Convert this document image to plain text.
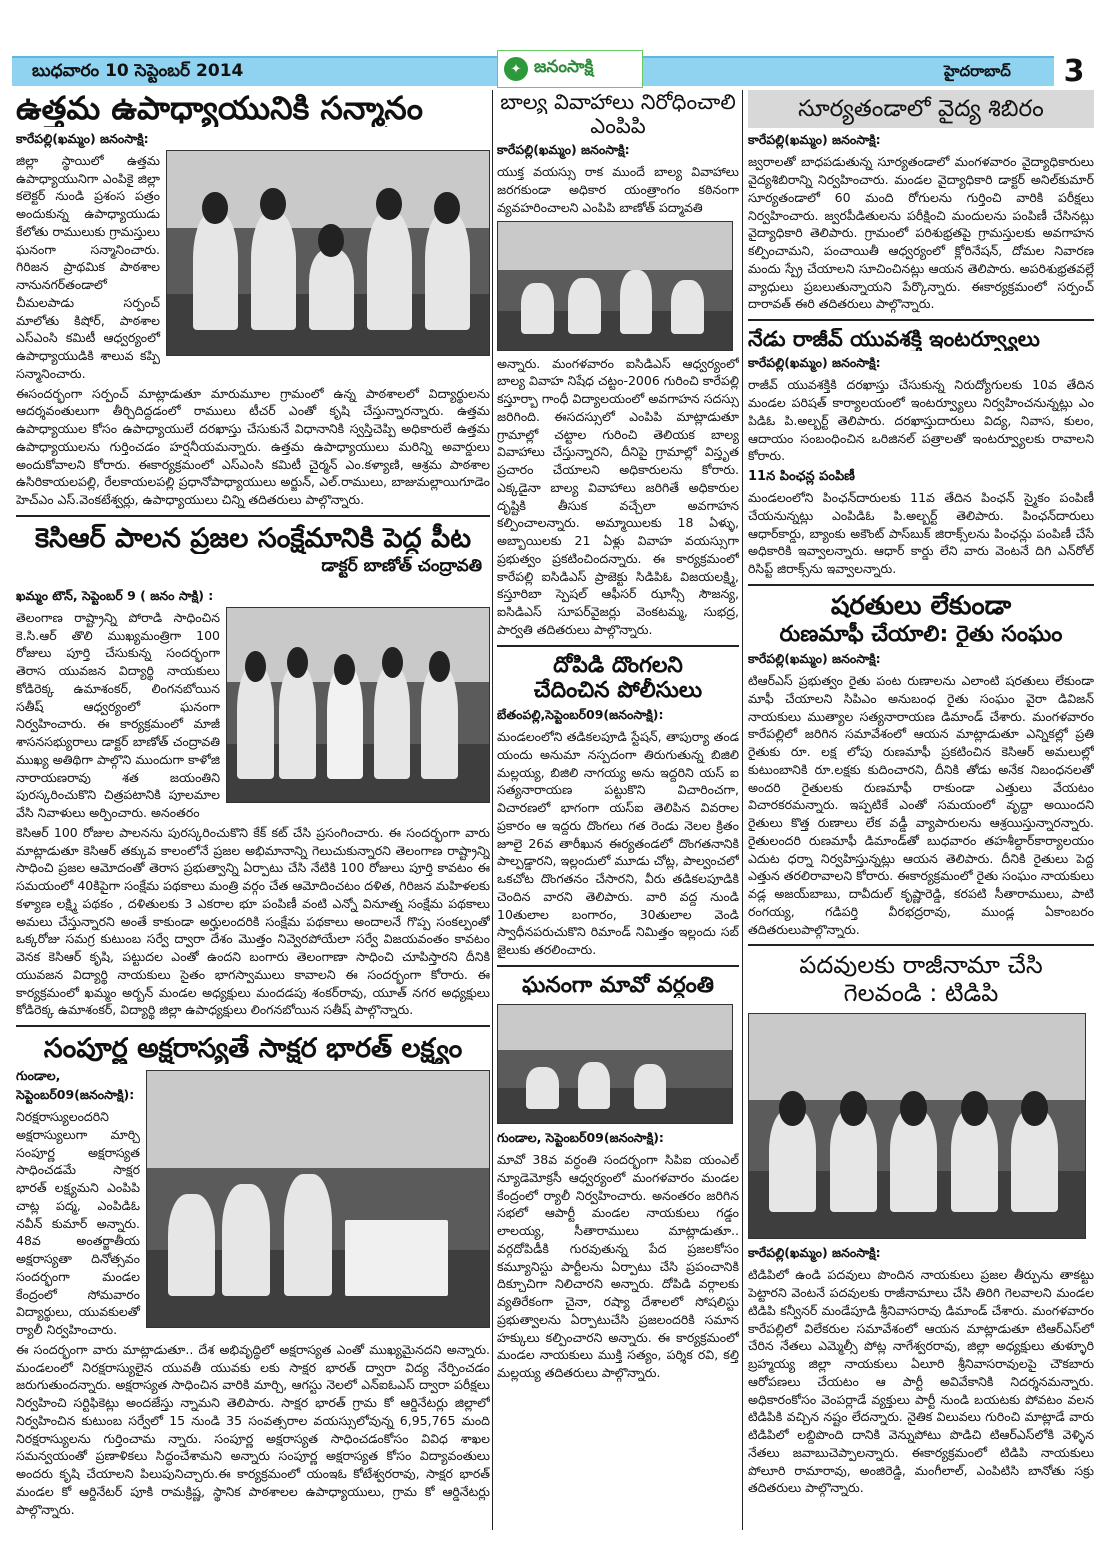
బుధవారం 10 సెప్టెంబర్ 2014	✦ జనంసాక్షి	హైదరాబాద్	3
ఉత్తమ ఉపాధ్యాయునికి సన్మానం
కారేపల్లి(ఖమ్మం) జనంసాక్షి:

జిల్లా స్థాయిలో ఉత్తమ ఉపాధ్యాయునిగా ఎంపికై జిల్లా కలెక్టర్ నుండి ప్రశంస పత్రం అందుకున్న ఉపాధ్యాయుడు కేలోతు రాములుకు గ్రామస్తులు ఘనంగా సన్మానించారు. గిరిజన ప్రాథమిక పాఠశాల నానునగర్‌తండాలో చీమలపాడు సర్పంచ్ మాలోతు కిషోర్, పాఠశాల ఎస్ఎంసి కమిటీ ఆధ్వర్యంలో ఉపాధ్యాయుడికి శాలువ కప్పి సన్మానించారు.

ఈసందర్భంగా సర్పంచ్ మాట్లాడుతూ మారుమూల గ్రామంలో ఉన్న పాఠశాలలో విద్యార్థులను ఆదర్శవంతులుగా తీర్చిదిద్దడంలో రాములు టీచర్ ఎంతో కృషి చేస్తున్నారన్నారు. ఉత్తమ ఉపాధ్యాయుల కోసం ఉపాధ్యాయులే దరఖాస్తు చేసుకునే విధానానికి స్వస్తిచెప్పి అధికారులే ఉత్తమ ఉపాధ్యాయులను గుర్తించడం హర్షనీయమన్నారు. ఉత్తమ ఉపాధ్యాయులు మరిన్ని అవార్డులు అందుకోవాలని కోరారు. ఈకార్యక్రమంలో ఎస్ఎంసి కమిటీ చైర్మన్ ఎం.కళ్యాణి, ఆశ్రమ పాఠశాల ఉసిరికాయలపల్లి, రేలకాయలపల్లి ప్రధానోపాధ్యాయులు అర్జున్, ఎల్.రాములు, బాజుమల్లాయిగూడెం హెచ్ఎం ఎస్.వెంకటేశ్వర్లు, ఉపాధ్యాయులు చిన్ని తదితరులు పాల్గొన్నారు.

కెసిఆర్ పాలన ప్రజల సంక్షేమానికి పెద్ద పీట
డాక్టర్ బాణోత్ చంద్రావతి
ఖమ్మం టౌన్, సెప్టెంబర్ 9 ( జనం సాక్షి) :

తెలంగాణ రాష్ట్రాన్ని పోరాడి సాధించిన కె.సి.ఆర్ తొలి ముఖ్యమంత్రిగా 100 రోజులు పూర్తి చేసుకున్న సందర్భంగా తెరాస యువజన విద్యార్థి నాయకులు కోడిరెక్క ఉమాశంకర్, లింగనబోయిన సతీష్ ఆధ్వర్యంలో ఘనంగా నిర్వహించారు. ఈ కార్యక్రమంలో మాజీ శాసనసభ్యురాలు డాక్టర్ బాణోత్ చంద్రావతి ముఖ్య అతిథిగా పాల్గొని ముందుగా కాళోజి నారాయణరావు శత జయంతిని పురస్కరించుకొని చిత్రపటానికి పూలమాల వేసి నివాళులు అర్పించారు. అనంతరం

కెసిఆర్ 100 రోజుల పాలనను పురస్కరించుకొని కేక్ కట్ చేసి ప్రసంగించారు. ఈ సందర్భంగా వారు మాట్లాడుతూ కెసిఆర్ తక్కువ కాలంలోనే ప్రజల అభిమానాన్ని గెలుచుకున్నారని తెలంగాణ రాష్ట్రాన్ని సాధించి ప్రజల ఆమోదంతో తెరాస ప్రభుత్వాన్ని ఏర్పాటు చేసి నేటికి 100 రోజులు పూర్తి కావటం ఈ సమయంలో 40కిపైగా సంక్షేమ పథకాలు మంత్రి వర్గం చేత ఆమోదించటం దళిత, గిరిజన మహిళలకు కళ్యాణ లక్ష్మి పథకం , దళితులకు 3 ఎకరాల భూ పంపిణీ వంటి ఎన్నో వినూత్న సంక్షేమ పథకాలు అమలు చేస్తున్నారని అంతే కాకుండా అర్హులందరికి సంక్షేమ పథకాలు అందాలనే గొప్ప సంకల్పంతో ఒక్కరోజు సమగ్ర కుటుంబ సర్వే ద్వారా దేశం మొత్తం నివ్వెరపోయేలా సర్వే విజయవంతం కావటం వెనక కెసిఆర్ కృషి, పట్టుదల ఎంతో ఉందని బంగారు తెలంగాణా సాధించి చూపిస్తారని దీనికి యువజన విద్యార్థి నాయకులు సైతం భాగస్వాములు కావాలని ఈ సందర్భంగా కోరారు. ఈ కార్యక్రమంలో ఖమ్మం అర్బన్ మండల అధ్యక్షులు మందడపు శంకర్‌రావు, యూత్ నగర అధ్యక్షులు కోడిరెక్క ఉమాశంకర్, విద్యార్థి జిల్లా ఉపాధ్యక్షులు లింగనబోయిన సతీష్ పాల్గొన్నారు.

సంపూర్ణ అక్షరాస్యతే సాక్షర భారత్ లక్ష్యం
గుండాల, సెప్టెంబర్09(జనంసాక్షి):

నిరక్షరాస్యులందరిని అక్షరాస్యులుగా మార్చి సంపూర్ణ అక్షరాస్యత సాధించడమే సాక్షర భారత్ లక్ష్యమని ఎంపిపి చాట్ల పద్మ, ఎంపిడిఓ నవీన్ కుమార్ అన్నారు. 48వ అంతర్జాతీయ అక్షరాస్యతా దినోత్సవం సందర్భంగా మండల కేంద్రంలో సోమవారం విద్యార్థులు, యువకులతో ర్యాలీ నిర్వహించారు.

ఈ సందర్భంగా వారు మాట్లాడుతూ.. దేశ అభివృద్ధిలో అక్షరాస్యత ఎంతో ముఖ్యమైనదని అన్నారు. మండలంలో నిరక్షరాస్యులైన యువతీ యువకు లకు సాక్షర భారత్ ద్వారా విద్య నేర్పించడం జరుగుతుందన్నారు. అక్షరాస్యత సాధించిన వారికి మార్చి, ఆగస్టు నెలలో ఎన్ఐఓఎస్ ద్వారా పరీక్షలు నిర్వహించి సర్టిఫికెట్లు అందజేస్తు న్నామని తెలిపారు. సాక్షర భారత్ గ్రామ కో ఆర్డినేటర్లు జిల్లాలో నిర్వహించిన కుటుంబ సర్వేలో 15 నుండి 35 సంవత్సరాల వయస్సులోవున్న 6,95,765 మంది నిరక్షరాస్యులను గుర్తించామ న్నారు. సంపూర్ణ అక్షరాస్యత సాధించడంకోసం వివిధ శాఖల సమన్వయంతో ప్రణాళికలు సిద్ధంచేశామని అన్నారు సంపూర్ణ అక్షరాస్యత కోసం విద్యావంతులు అందరు కృషి చేయాలని పిలుపునిచ్చారు.ఈ కార్యక్రమంలో యంఇఓ కోటేశ్వరరావు, సాక్షర భారత్ మండల కో ఆర్డినేటర్ పూకి రామక్రిష్ణ, స్థానిక పాఠశాలల ఉపాధ్యాయులు, గ్రామ కో ఆర్డినేటర్లు పాల్గొన్నారు.

బాల్య వివాహాలు నిరోధించాలి
ఎంపిపి
కారేపల్లి(ఖమ్మం) జనంసాక్షి:

యుక్త వయస్సు రాక ముందే బాల్య వివాహాలు జరగకుండా అధికార యంత్రాంగం కఠినంగా వ్యవహరించాలని ఎంపిపి బాణోత్ పద్మావతి

అన్నారు. మంగళవారం ఐసిడిఎస్ ఆధ్వర్యంలో బాల్య వివాహ నిషేధ చట్టం-2006 గురించి కారేపల్లి కస్తూర్బా గాంధీ విద్యాలయంలో అవగాహన సదస్సు జరిగింది. ఈసదస్సులో ఎంపిపి మాట్లాడుతూ గ్రామాల్లో చట్టాల గురించి తెలియక బాల్య వివాహాలు చేస్తున్నారని, దీనిపై గ్రామాల్లో విస్తృత ప్రచారం చేయాలని అధికారులను కోరారు. ఎక్కడైనా బాల్య వివాహాలు జరిగితే అధికారుల దృష్టికి తీసుక వచ్చేలా అవగాహన కల్పించాలన్నారు. అమ్మాయిలకు 18 ఏళ్ళు, అబ్బాయిలకు 21 ఏళ్లు వివాహ వయస్సుగా ప్రభుత్వం ప్రకటించిందన్నారు. ఈ కార్యక్రమంలో కారేపల్లి ఐసిడిఎస్ ప్రాజెక్టు సిడిపిఓ విజయలక్ష్మి, కస్తూరిబా స్పెషల్ ఆఫీసర్ ఝాన్సీ సౌజన్య, ఐసిడిఎస్ సూపర్‌వైజర్లు వెంకటమ్మ, సుభద్ర, పార్వతి తదితరులు పాల్గొన్నారు.

దోపిడి దొంగలని
చేదించిన పోలీసులు
బేతంపల్లి,సెప్టెంబర్09(జనంసాక్షి):

మండలంలోని తడికలపూడి స్టేషన్, తాపుర్యా తండ యందు అనుమా నస్పదంగా తిరుగుతున్న బిజిలి మల్లయ్య, బిజిలి నాగయ్య అను ఇద్దరిని యస్ ఐ సత్యనారాయణ పట్టుకొని విచారించగా, విచారణలో భాగంగా యస్ఐ తెలిపిన వివరాల ప్రకారం ఆ ఇద్దరు దొంగలు గత రెండు నెలల క్రితం జూలై 26వ తారీఖున ఈర్యతండలో దొంగతనానికి పాల్పడ్డారని, ఇల్లందులో మూడు చోట్ల, పాల్వంచలో ఒకచోట దొంగతనం చేసారని, వీరు తడికలపూడికి చెందిన వారని తెలిపారు. వారి వద్ద నుండి 10తులాల బంగారం, 30తులాల వెండి స్వాధీనపరుచుకొని రిమాండ్ నిమిత్తం ఇల్లందు సబ్ జైలుకు తరలించారు.

ఘనంగా మావో వర్ధంతి
గుండాల, సెప్టెంబర్09(జనంసాక్షి):

మావో 38వ వర్ధంతి సందర్భంగా సిపిఐ యంఎల్ న్యూడెమోక్రసీ ఆధ్వర్యంలో మంగళవారం మండల కేంద్రంలో ర్యాలీ నిర్వహించారు. అనంతరం జరిగిన సభలో ఆపార్టీ మండల నాయకులు గడ్డం లాలయ్య, సీతారాములు మాట్లాడుతూ.. వర్గదోపిడీకి గురవుతున్న పేద ప్రజలకోసం కమ్యూనిస్టు పార్టీలను ఏర్పాటు చేసి ప్రపంచానికి దిక్చూచిగా నిలిచారని అన్నారు. దోపిడి వర్గాలకు వ్యతిరేకంగా చైనా, రష్యా దేశాలలో సోషలిస్టు ప్రభుత్వాలను ఏర్పాటుచేసి ప్రజలందరికి సమాన హక్కులు కల్పించారని అన్నారు. ఈ కార్యక్రమంలో మండల నాయకులు ముక్తి సత్యం, పర్శిక రవి, కల్తి మల్లయ్య తదితరులు పాల్గొన్నారు.

సూర్యతండాలో వైద్య శిబిరం
కారేపల్లి(ఖమ్మం) జనంసాక్షి:

జ్వరాలతో బాధపడుతున్న సూర్యతండాలో మంగళవారం వైద్యాధికారులు వైద్యశిబిరాన్ని నిర్వహించారు. మండల వైద్యాధికారి డాక్టర్ అనిల్‌కుమార్ సూర్యతండాలో 60 మంది రోగులను గుర్తించి వారికి పరీక్షలు నిర్వహించారు. జ్వరపీడితులను పరీక్షించి మందులను పంపిణీ చేసినట్లు వైద్యాధికారి తెలిపారు. గ్రామంలో పరిశుభ్రతపై గ్రామస్తులకు అవగాహన కల్పించామని, పంచాయితీ ఆధ్వర్యంలో క్లోరినేషన్, దోమల నివారణ మందు స్ప్రే చేయాలని సూచించినట్లు ఆయన తెలిపారు. అపరిశుభ్రతవల్లే వ్యాధులు ప్రబలుతున్నాయని పేర్కొన్నారు. ఈకార్యక్రమంలో సర్పంచ్ దారావత్ ఈరి తదితరులు పాల్గొన్నారు.

నేడు రాజీవ్ యువశక్తి ఇంటర్వ్యూలు
కారేపల్లి(ఖమ్మం) జనంసాక్షి:

రాజీవ్ యువశక్తికి దరఖాస్తు చేసుకున్న నిరుద్యోగులకు 10వ తేదిన మండల పరిషత్ కార్యాలయంలో ఇంటర్వ్యూలు నిర్వహించనున్నట్లు ఎం పిడిఓ పి.అల్బర్ట్ తెలిపారు. దరఖాస్తుదారులు విద్య, నివాస, కులం, ఆదాయం సంబంధించిన ఒరిజినల్ పత్రాలతో ఇంటర్వ్యూలకు రావాలని కోరారు.

11న పింఛన్ల పంపిణీ

మండలంలోని పింఛన్‌దారులకు 11వ తేదిన పింఛన్ స్మైకం పంపిణీ చేయనున్నట్లు ఎంపిడిఓ పి.అల్బర్ట్ తెలిపారు. పింఛన్‌దారులు ఆధార్‌కార్డు, బ్యాంకు అకౌంట్ పాస్‌బుక్ జిరాక్స్‌లను పింఛన్లు పంపిణీ చేసే అధికారికి ఇవ్వాలన్నారు. ఆధార్ కార్డు లేని వారు వెంటనే దిగి ఎన్‌రోల్ రిసిప్ట్ జిరాక్స్‌ను ఇవ్వాలన్నారు.

షరతులు లేకుండా
రుణమాఫీ చేయాలి: రైతు సంఘం
కారేపల్లి(ఖమ్మం) జనంసాక్షి:

టిఆర్ఎస్ ప్రభుత్వం రైతు పంట రుణాలను ఎలాంటి షరతులు లేకుండా మాఫీ చేయాలని సిపిఎం అనుబంధ రైతు సంఘం వైరా డివిజన్ నాయకులు ముత్యాల సత్యనారాయణ డిమాండ్ చేశారు. మంగళవారం కారేపల్లిలో జరిగిన సమావేశంలో ఆయన మాట్లాడుతూ ఎన్నికల్లో ప్రతి రైతుకు రూ. లక్ష లోపు రుణమాఫీ ప్రకటించిన కెసిఆర్ అమలుల్లో కుటుంబానికి రూ.లక్షకు కుదించారని, దీనికి తోడు అనేక నిబంధనలతో అందరి రైతులకు రుణమాఫీ రాకుండా ఎత్తులు వేయటం విచారకరమన్నారు. ఇప్పటికే ఎంతో సమయంలో వృద్దా అయిందని రైతులు కొత్త రుణాలు లేక వడ్డీ వ్యాపారులను ఆశ్రయిస్తున్నారన్నారు. రైతులందరి రుణమాఫీ డిమాండ్‌తో బుధవారం తహశీల్దార్‌కార్యాలయం ఎదుట ధర్నా నిర్వహిస్తున్నట్లు ఆయన తెలిపారు. దీనికి రైతులు పెద్ద ఎత్తున తరలిరావాలని కోరారు. ఈకార్యక్రమంలో రైతు సంఘం నాయకులు వడ్ల అజయ్‌బాబు, దావీదుల్ కృష్ణారెడ్డి, కరపటి సీతారాములు, పాటి రంగయ్య, గడిపర్తి వీరభద్రరావు, ముండ్ల ఏకాంబరం తదితరులుపాల్గొన్నారు.

పదవులకు రాజీనామా చేసి
గెలవండి : టిడిపి
కారేపల్లి(ఖమ్మం) జనంసాక్షి:

టిడిపిలో ఉండి పదవులు పొందిన నాయకులు ప్రజల తీర్పును తాకట్టు పెట్టారని వెంటనే పదవులకు రాజీనామాలు చేసి తిరిగి గెలవాలని మండల టిడిపి కన్వీనర్ మండేపూడి శ్రీనివాసరావు డిమాండ్ చేశారు. మంగళవారం కారేపల్లిలో విలేకరుల సమావేశంలో ఆయన మాట్లాడుతూ టిఆర్ఎస్‌లో చేరిన నేతలు ఎమ్మెల్సీ పోట్ల నాగేశ్వరరావు, జిల్లా అధ్యక్షులు తుళ్ళూరి బ్రహ్మయ్య జిల్లా నాయకులు ఏలూరి శ్రీనివాసరావులపై చౌకబారు ఆరోపణలు చేయటం ఆ పార్టీ అవివేకానికి నిదర్శనమన్నారు. అధికారంకోసం వెంపర్లాడే వ్యక్తులు పార్టీ నుండి బయటకు పోవటం వలన టిడిపికి వచ్చిన నష్టం లేదన్నారు. నైతిక విలువలు గురించి మాట్లాడే వారు టిడిపిలో లబ్దిపొంది దానికి వెన్నుపోటు పొడిచి టిఆర్ఎస్‌లోకి వెళ్ళిన నేతలు జవాబుచెప్పాలన్నారు. ఈకార్యక్రమంలో టిడిపి నాయకులు పోలూరి రామారావు, అంజిరెడ్డి, మంగీలాల్, ఎంపిటిసి బానోతు సక్రు తదితరులు పాల్గొన్నారు.
